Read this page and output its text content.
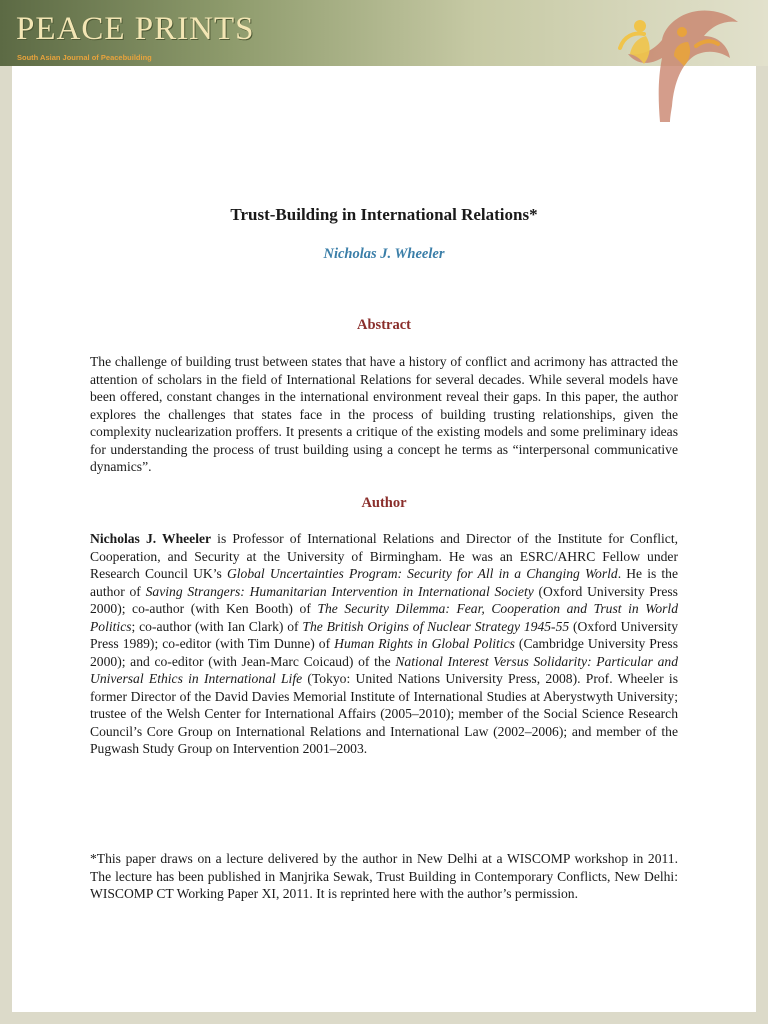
PEACE PRINTS
South Asian Journal of Peacebuilding
Trust-Building in International Relations*
Nicholas J. Wheeler
Abstract
The challenge of building trust between states that have a history of conflict and acrimony has attracted the attention of scholars in the field of International Relations for several decades. While several models have been offered, constant changes in the international environment reveal their gaps. In this paper, the author explores the challenges that states face in the process of building trusting relationships, given the complexity nuclearization proffers. It presents a critique of the existing models and some preliminary ideas for understanding the process of trust building using a concept he terms as “interpersonal communicative dynamics”.
Author
Nicholas J. Wheeler is Professor of International Relations and Director of the Institute for Conflict, Cooperation, and Security at the University of Birmingham. He was an ESRC/AHRC Fellow under Research Council UK’s Global Uncertainties Program: Security for All in a Changing World. He is the author of Saving Strangers: Humanitarian Intervention in International Society (Oxford University Press 2000); co-author (with Ken Booth) of The Security Dilemma: Fear, Cooperation and Trust in World Politics; co-author (with Ian Clark) of The British Origins of Nuclear Strategy 1945-55 (Oxford University Press 1989); co-editor (with Tim Dunne) of Human Rights in Global Politics (Cambridge University Press 2000); and co-editor (with Jean-Marc Coicaud) of the National Interest Versus Solidarity: Particular and Universal Ethics in International Life (Tokyo: United Nations University Press, 2008). Prof. Wheeler is former Director of the David Davies Memorial Institute of International Studies at Aberystwyth University; trustee of the Welsh Center for International Affairs (2005–2010); member of the Social Science Research Council’s Core Group on International Relations and International Law (2002–2006); and member of the Pugwash Study Group on Intervention 2001–2003.
*This paper draws on a lecture delivered by the author in New Delhi at a WISCOMP workshop in 2011. The lecture has been published in Manjrika Sewak, Trust Building in Contemporary Conflicts, New Delhi: WISCOMP CT Working Paper XI, 2011. It is reprinted here with the author’s permission.
